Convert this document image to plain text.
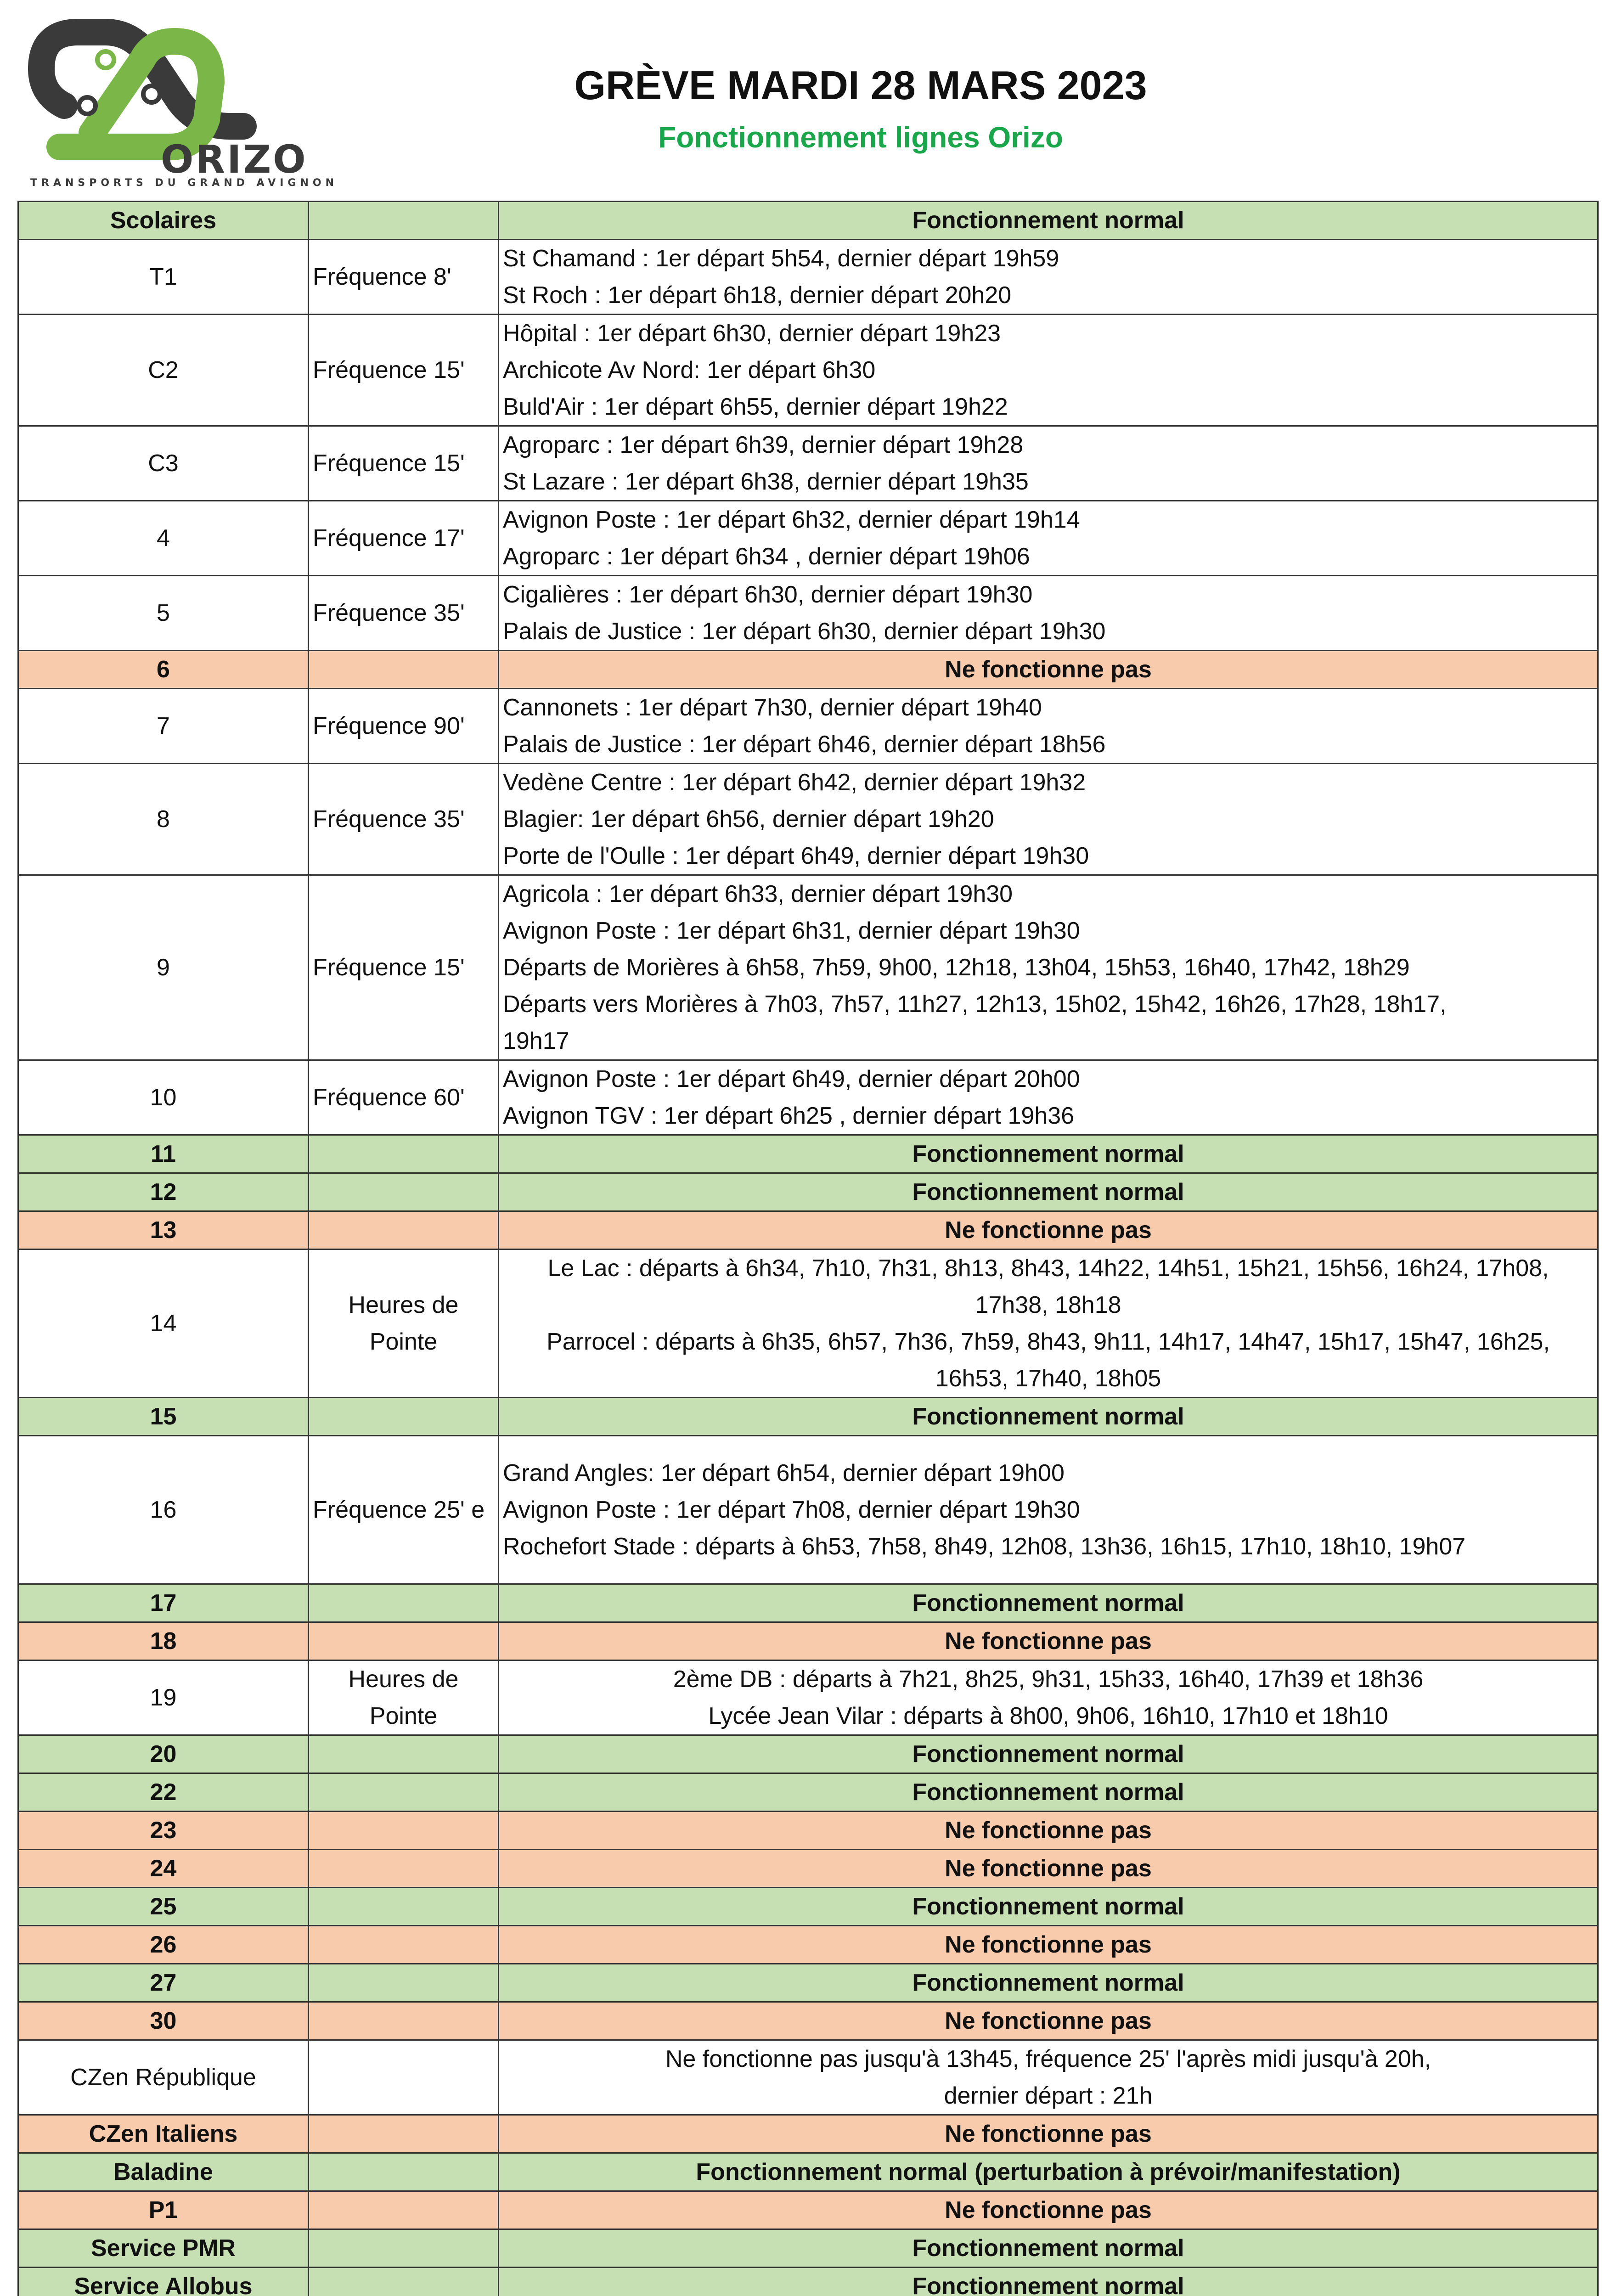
ORIZO
TRANSPORTS DU GRAND AVIGNON
GRÈVE MARDI 28 MARS 2023
Fonctionnement lignes Orizo
Scolaires		Fonctionnement normal
T1	Fréquence 8'	St Chamand : 1er départ 5h54, dernier départ 19h59
St Roch : 1er départ 6h18, dernier départ 20h20

C2	Fréquence 15'	Hôpital : 1er départ 6h30, dernier départ 19h23
Archicote Av Nord: 1er départ 6h30
Buld'Air : 1er départ 6h55, dernier départ 19h22

C3	Fréquence 15'	Agroparc : 1er départ 6h39, dernier départ 19h28
St Lazare : 1er départ 6h38, dernier départ 19h35

4	Fréquence 17'	Avignon Poste : 1er départ 6h32, dernier départ 19h14
Agroparc : 1er départ 6h34 , dernier départ 19h06

5	Fréquence 35'	Cigalières : 1er départ 6h30, dernier départ 19h30
Palais de Justice : 1er départ 6h30, dernier départ 19h30

6		Ne fonctionne pas

7	Fréquence 90'	Cannonets : 1er départ 7h30, dernier départ 19h40
Palais de Justice : 1er départ 6h46, dernier départ 18h56

8	Fréquence 35'	Vedène Centre : 1er départ 6h42, dernier départ 19h32
Blagier: 1er départ 6h56, dernier départ 19h20
Porte de l'Oulle : 1er départ 6h49, dernier départ 19h30

9	Fréquence 15'	Agricola : 1er départ 6h33, dernier départ 19h30
Avignon Poste : 1er départ 6h31, dernier départ 19h30
Départs de Morières à 6h58, 7h59, 9h00, 12h18, 13h04, 15h53, 16h40, 17h42, 18h29
Départs vers Morières à 7h03, 7h57, 11h27, 12h13, 15h02, 15h42, 16h26, 17h28, 18h17,
19h17

10	Fréquence 60'	Avignon Poste : 1er départ 6h49, dernier départ 20h00
Avignon TGV : 1er départ 6h25 , dernier départ 19h36

11		Fonctionnement normal

12		Fonctionnement normal

13		Ne fonctionne pas

14	Heures de Pointe	Le Lac : départs à 6h34, 7h10, 7h31, 8h13, 8h43, 14h22, 14h51, 15h21, 15h56, 16h24, 17h08,
17h38, 18h18
Parrocel : départs à 6h35, 6h57, 7h36, 7h59, 8h43, 9h11, 14h17, 14h47, 15h17, 15h47, 16h25,
16h53, 17h40, 18h05

15		Fonctionnement normal

16	Fréquence 25' e	Grand Angles: 1er départ 6h54, dernier départ 19h00
Avignon Poste : 1er départ 7h08, dernier départ 19h30
Rochefort Stade : départs à 6h53, 7h58, 8h49, 12h08, 13h36, 16h15, 17h10, 18h10, 19h07

17		Fonctionnement normal

18		Ne fonctionne pas

19	Heures de Pointe	2ème DB : départs à 7h21, 8h25, 9h31, 15h33, 16h40, 17h39 et 18h36
Lycée Jean Vilar : départs à 8h00, 9h06, 16h10, 17h10 et 18h10

20		Fonctionnement normal

22		Fonctionnement normal

23		Ne fonctionne pas

24		Ne fonctionne pas

25		Fonctionnement normal

26		Ne fonctionne pas

27		Fonctionnement normal

30		Ne fonctionne pas

CZen République		Ne fonctionne pas jusqu'à 13h45, fréquence 25' l'après midi jusqu'à 20h,
dernier départ : 21h

CZen Italiens		Ne fonctionne pas

Baladine		Fonctionnement normal (perturbation à prévoir/manifestation)

P1		Ne fonctionne pas

Service PMR		Fonctionnement normal

Service Allobus		Fonctionnement normal
